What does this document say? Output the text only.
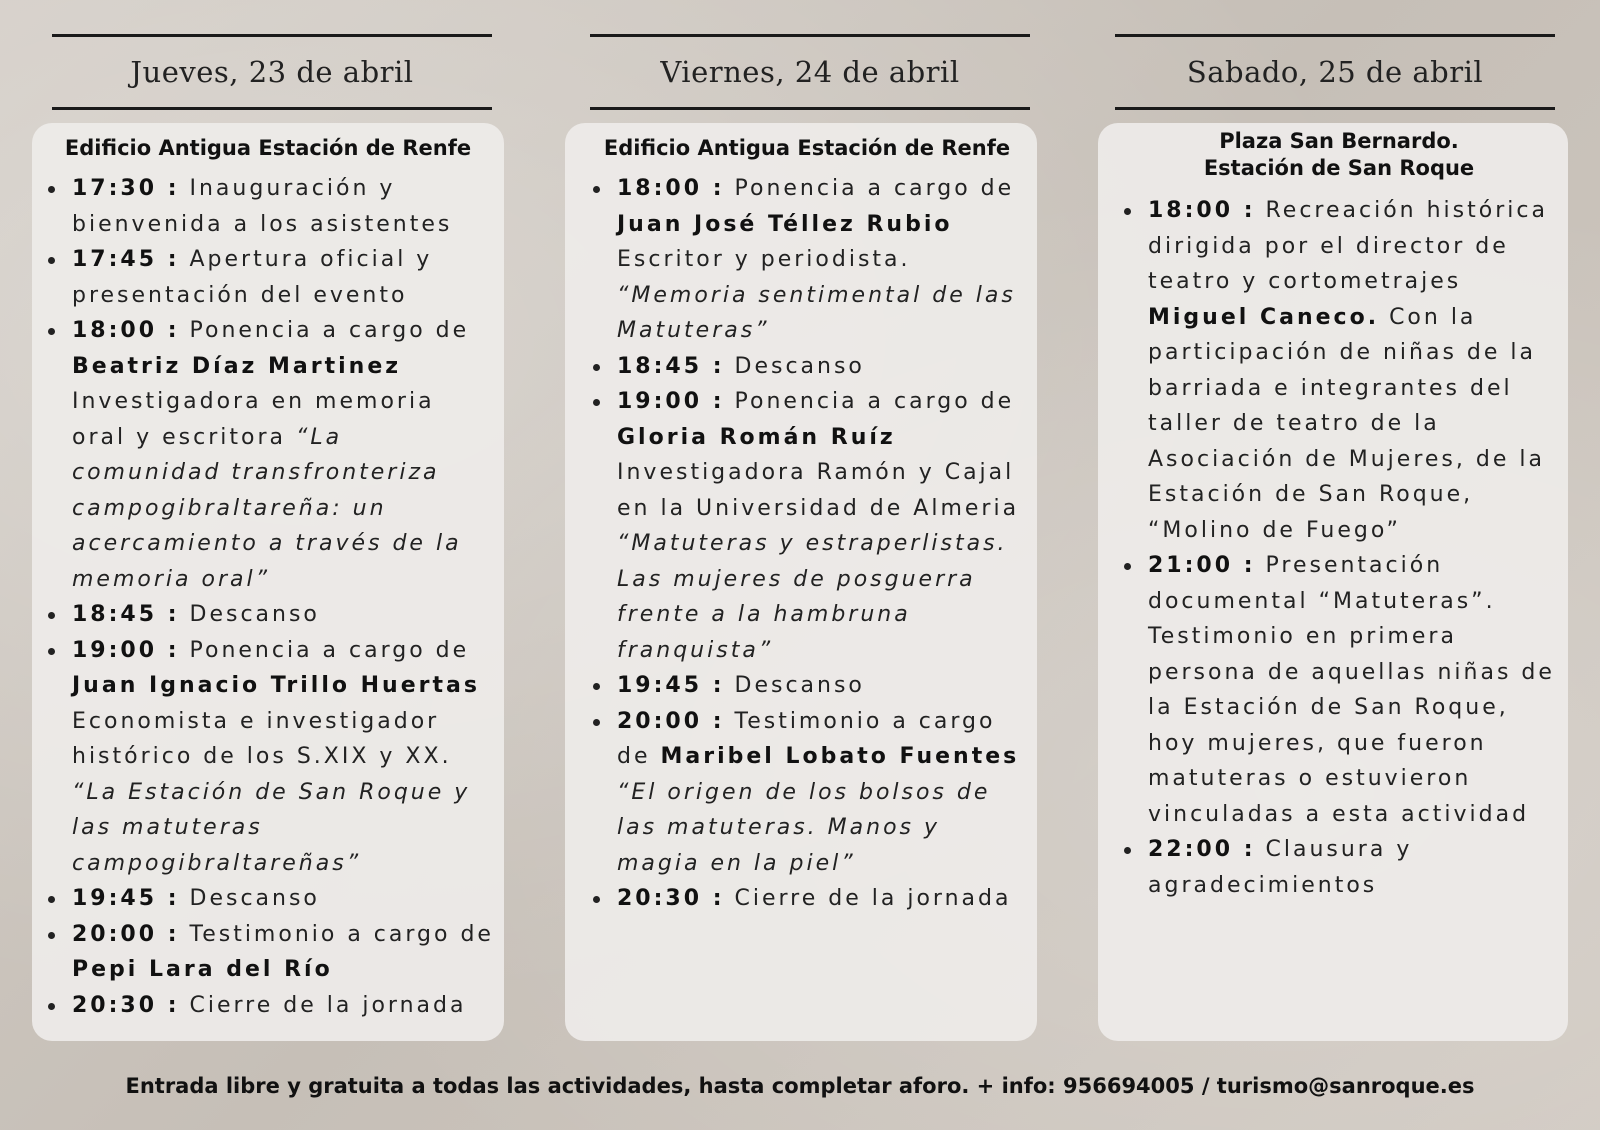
Jueves, 23 de abril	Viernes, 24 de abril	Sabado, 25 de abril
Edificio Antigua Estación de Renfe
17:30 : Inauguración y bienvenida a los asistentes
17:45 : Apertura oficial y presentación del evento
18:00 : Ponencia a cargo de Beatriz Díaz Martinez Investigadora en memoria oral y escritora “La comunidad transfronteriza campogibraltareña: un acercamiento a través de la memoria oral”
18:45 : Descanso
19:00 : Ponencia a cargo de Juan Ignacio Trillo Huertas Economista e investigador histórico de los S.XIX y XX. “La Estación de San Roque y las matuteras campogibraltareñas”
19:45 : Descanso
20:00 : Testimonio a cargo de Pepi Lara del Río
20:30 : Cierre de la jornada
Edificio Antigua Estación de Renfe
18:00 : Ponencia a cargo de Juan José Téllez Rubio Escritor y periodista. “Memoria sentimental de las Matuteras”
18:45 : Descanso
19:00 : Ponencia a cargo de Gloria Román Ruíz Investigadora Ramón y Cajal en la Universidad de Almeria “Matuteras y estraperlistas. Las mujeres de posguerra frente a la hambruna franquista”
19:45 : Descanso
20:00 : Testimonio a cargo de Maribel Lobato Fuentes “El origen de los bolsos de las matuteras. Manos y magia en la piel”
20:30 : Cierre de la jornada
Plaza San Bernardo.
Estación de San Roque
18:00 : Recreación histórica dirigida por el director de teatro y cortometrajes Miguel Caneco. Con la participación de niñas de la barriada e integrantes del taller de teatro de la Asociación de Mujeres, de la Estación de San Roque, “Molino de Fuego”
21:00 : Presentación documental “Matuteras”. Testimonio en primera persona de aquellas niñas de la Estación de San Roque, hoy mujeres, que fueron matuteras o estuvieron vinculadas a esta actividad
22:00 : Clausura y agradecimientos
Entrada libre y gratuita a todas las actividades, hasta completar aforo. + info: 956694005 / turismo@sanroque.es
